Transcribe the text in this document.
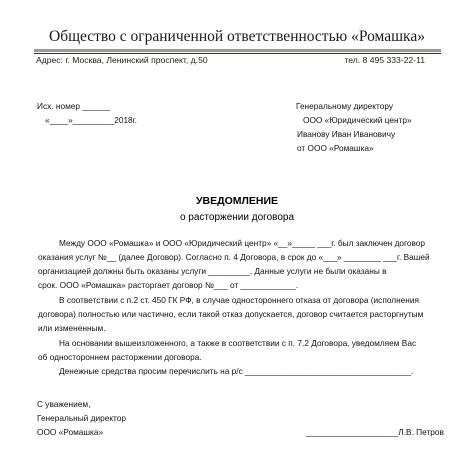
Общество с ограниченной ответственностью «Ромашка»
Адрес: г. Москва, Ленинский проспект, д.50	тел. 8 495 333-22-11
Исх. номер ______
«____»_________2018г.
Генеральному директору
ООО «Юридический центр»
Иванову Иван Ивановичу
от ООО «Ромашка»
УВЕДОМЛЕНИЕ
о расторжении договора
Между ООО «Ромашка» и ООО «Юридический центр» «__»_____ ___г. был заключен договор
оказания услуг №__ (далее Договор). Согласно п. 4 Договора, в срок до «___» ________ ___г. Вашей
организацией должны быть оказаны услуги _________. Данные услуги не были оказаны в
срок. ООО «Ромашка» расторгает договор №___ от ____________.
В соответствии с п.2 ст. 450 ГК РФ, в случае одностороннего отказа от договора (исполнения
договора) полностью или частично, если такой отказ допускается, договор считается расторгнутым
или измененным.
На основании вышеизложенного, а также в соответствии с п. 7.2 Договора, уведомляем Вас
об одностороннем расторжении договора.
Денежные средства просим перечислить на р/с ____________________________________.
С уважением,
Генеральный директор
ООО «Ромашка»	____________________Л.В. Петров
